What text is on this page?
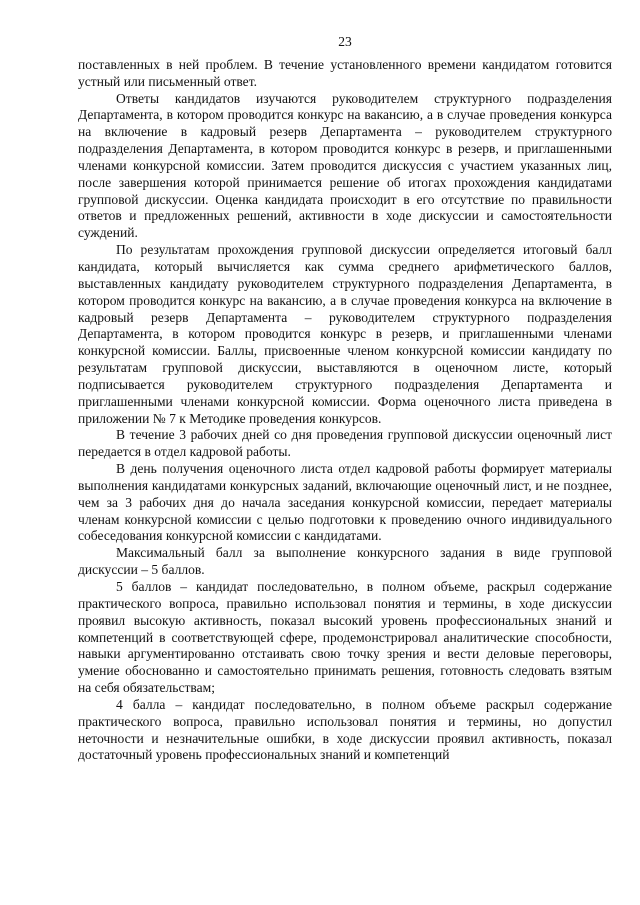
23

поставленных в ней проблем. В течение установленного времени кандидатом готовится устный или письменный ответ.

Ответы кандидатов изучаются руководителем структурного подразделения Департамента, в котором проводится конкурс на вакансию, а в случае проведения конкурса на включение в кадровый резерв Департамента – руководителем структурного подразделения Департамента, в котором проводится конкурс в резерв, и приглашенными членами конкурсной комиссии. Затем проводится дискуссия с участием указанных лиц, после завершения которой принимается решение об итогах прохождения кандидатами групповой дискуссии. Оценка кандидата происходит в его отсутствие по правильности ответов и предложенных решений, активности в ходе дискуссии и самостоятельности суждений.

По результатам прохождения групповой дискуссии определяется итоговый балл кандидата, который вычисляется как сумма среднего арифметического баллов, выставленных кандидату руководителем структурного подразделения Департамента, в котором проводится конкурс на вакансию, а в случае проведения конкурса на включение в кадровый резерв Департамента – руководителем структурного подразделения Департамента, в котором проводится конкурс в резерв, и приглашенными членами конкурсной комиссии. Баллы, присвоенные членом конкурсной комиссии кандидату по результатам групповой дискуссии, выставляются в оценочном листе, который подписывается руководителем структурного подразделения Департамента и приглашенными членами конкурсной комиссии. Форма оценочного листа приведена в приложении № 7 к Методике проведения конкурсов.

В течение 3 рабочих дней со дня проведения групповой дискуссии оценочный лист передается в отдел кадровой работы.

В день получения оценочного листа отдел кадровой работы формирует материалы выполнения кандидатами конкурсных заданий, включающие оценочный лист, и не позднее, чем за 3 рабочих дня до начала заседания конкурсной комиссии, передает материалы членам конкурсной комиссии с целью подготовки к проведению очного индивидуального собеседования конкурсной комиссии с кандидатами.

Максимальный балл за выполнение конкурсного задания в виде групповой дискуссии – 5 баллов.

5 баллов – кандидат последовательно, в полном объеме, раскрыл содержание практического вопроса, правильно использовал понятия и термины, в ходе дискуссии проявил высокую активность, показал высокий уровень профессиональных знаний и компетенций в соответствующей сфере, продемонстрировал аналитические способности, навыки аргументированно отстаивать свою точку зрения и вести деловые переговоры, умение обоснованно и самостоятельно принимать решения, готовность следовать взятым на себя обязательствам;

4 балла – кандидат последовательно, в полном объеме раскрыл содержание практического вопроса, правильно использовал понятия и термины, но допустил неточности и незначительные ошибки, в ходе дискуссии проявил активность, показал достаточный уровень профессиональных знаний и компетенций
